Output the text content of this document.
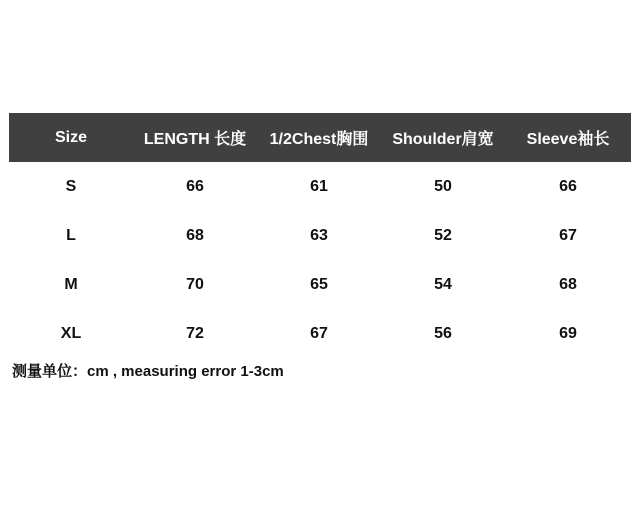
Size	LENGTH 长度	1/2Chest胸围	Shoulder肩宽	Sleeve袖长
S	66	61	50	66
L	68	63	52	67
M	70	65	54	68
XL	72	67	56	69
测量单位：cm , measuring error 1-3cm
